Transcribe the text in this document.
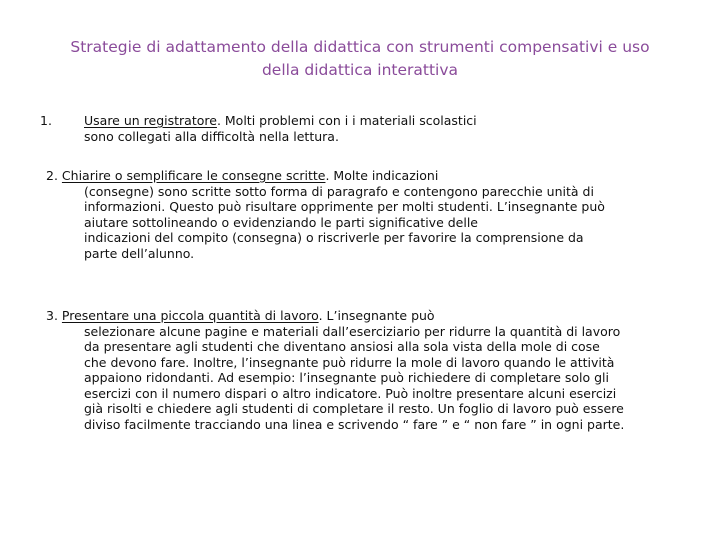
Strategie di adattamento della didattica con strumenti compensativi e uso della didattica interattiva
1.	Usare un registratore. Molti problemi con i i materiali scolastici
sono collegati alla difficoltà nella lettura.
2. Chiarire o semplificare le consegne scritte. Molte indicazioni
(consegne) sono scritte sotto forma di paragrafo e contengono parecchie unità di informazioni. Questo può risultare opprimente per molti studenti. L’insegnante può aiutare sottolineando o evidenziando le parti significative delle
indicazioni del compito (consegna) o riscriverle per favorire la comprensione da parte dell’alunno.
3. Presentare una piccola quantità di lavoro. L’insegnante può
selezionare alcune pagine e materiali dall’eserciziario per ridurre la quantità di lavoro da presentare agli studenti che diventano ansiosi alla sola vista della mole di cose che devono fare. Inoltre, l’insegnante può ridurre la mole di lavoro quando le attività appaiono ridondanti. Ad esempio: l’insegnante può richiedere di completare solo gli esercizi con il numero dispari o altro indicatore. Può inoltre presentare alcuni esercizi già risolti e chiedere agli studenti di completare il resto. Un foglio di lavoro può essere diviso facilmente tracciando una linea e scrivendo “ fare ” e “ non fare ” in ogni parte.
